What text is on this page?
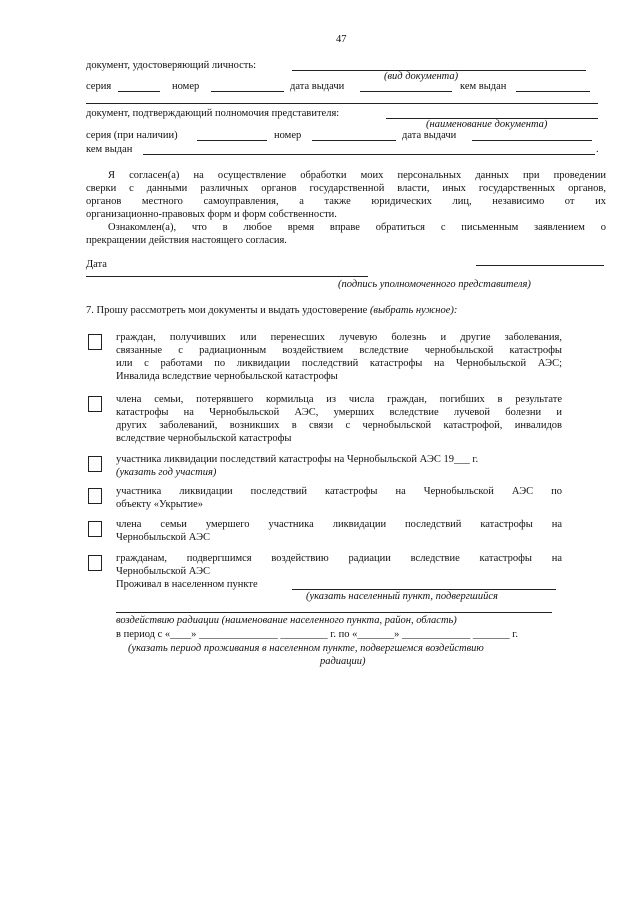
47
документ, удостоверяющий личность:
(вид документа)
серия	номер	дата выдачи	кем выдан
документ, подтверждающий полномочия представителя:
(наименование документа)
серия (при наличии)	номер	дата выдачи
кем выдан	.
Я согласен(а) на осуществление обработки моих персональных данных при проведении
сверки с данными различных органов государственной власти, иных государственных органов,
органов местного самоуправления, а также юридических лиц, независимо от их
организационно-правовых форм и форм собственности.
Ознакомлен(а), что в любое время вправе обратиться с письменным заявлением о
прекращении действия настоящего согласия.
Дата
(подпись уполномоченного представителя)
7. Прошу рассмотреть мои документы и выдать удостоверение (выбрать нужное):
граждан, получивших или перенесших лучевую болезнь и другие заболевания,
связанные с радиационным воздействием вследствие чернобыльской катастрофы
или с работами по ликвидации последствий катастрофы на Чернобыльской АЭС;
Инвалида вследствие чернобыльской катастрофы
члена семьи, потерявшего кормильца из числа граждан, погибших в результате
катастрофы на Чернобыльской АЭС, умерших вследствие лучевой болезни и
других заболеваний, возникших в связи с чернобыльской катастрофой, инвалидов
вследствие чернобыльской катастрофы
участника ликвидации последствий катастрофы на Чернобыльской АЭС 19___ г.
(указать год участия)
участника ликвидации последствий катастрофы на Чернобыльской АЭС по
объекту «Укрытие»
члена семьи умершего участника ликвидации последствий катастрофы на
Чернобыльской АЭС
гражданам, подвергшимся воздействию радиации вследствие катастрофы на
Чернобыльской АЭС
Проживал в населенном пункте
(указать населенный пункт, подвергшийся
воздействию радиации (наименование населенного пункта, район, область)
в период с «____» _______________ _________ г. по «_______» _____________ _______ г.
(указать период проживания в населенном пункте, подвергшемся воздействию
радиации)
